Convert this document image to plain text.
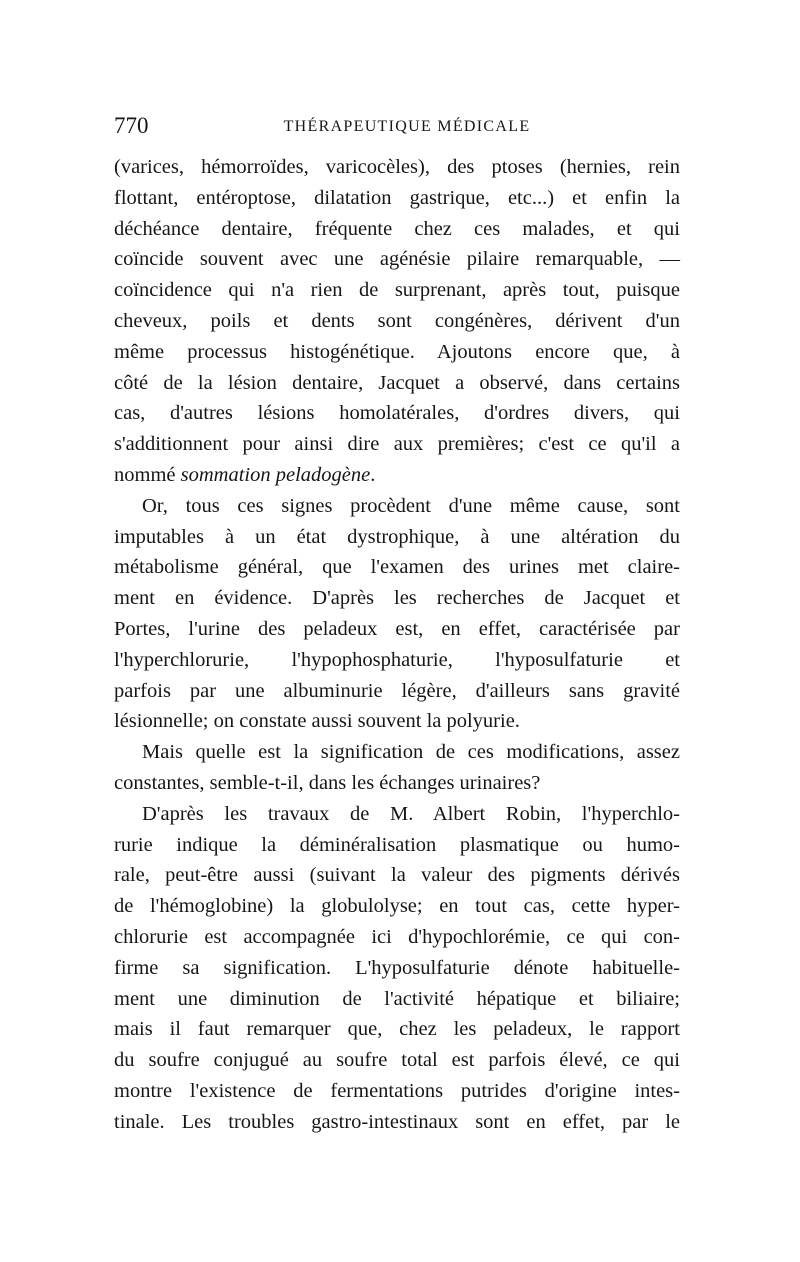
770	THÉRAPEUTIQUE MÉDICALE
(varices, hémorroïdes, varicocèles), des ptoses (hernies, rein
flottant, entéroptose, dilatation gastrique, etc...) et enfin la
déchéance dentaire, fréquente chez ces malades, et qui
coïncide souvent avec une agénésie pilaire remarquable, —
coïncidence qui n'a rien de surprenant, après tout, puisque
cheveux, poils et dents sont congénères, dérivent d'un
même processus histogénétique. Ajoutons encore que, à
côté de la lésion dentaire, Jacquet a observé, dans certains
cas, d'autres lésions homolatérales, d'ordres divers, qui
s'additionnent pour ainsi dire aux premières; c'est ce qu'il a
nommé sommation peladogène.
Or, tous ces signes procèdent d'une même cause, sont
imputables à un état dystrophique, à une altération du
métabolisme général, que l'examen des urines met claire-
ment en évidence. D'après les recherches de Jacquet et
Portes, l'urine des peladeux est, en effet, caractérisée par
l'hyperchlorurie, l'hypophosphaturie, l'hyposulfaturie et
parfois par une albuminurie légère, d'ailleurs sans gravité
lésionnelle; on constate aussi souvent la polyurie.
Mais quelle est la signification de ces modifications, assez
constantes, semble-t-il, dans les échanges urinaires?
D'après les travaux de M. Albert Robin, l'hyperchlo-
rurie indique la déminéralisation plasmatique ou humo-
rale, peut-être aussi (suivant la valeur des pigments dérivés
de l'hémoglobine) la globulolyse; en tout cas, cette hyper-
chlorurie est accompagnée ici d'hypochlorémie, ce qui con-
firme sa signification. L'hyposulfaturie dénote habituelle-
ment une diminution de l'activité hépatique et biliaire;
mais il faut remarquer que, chez les peladeux, le rapport
du soufre conjugué au soufre total est parfois élevé, ce qui
montre l'existence de fermentations putrides d'origine intes-
tinale. Les troubles gastro-intestinaux sont en effet, par le
